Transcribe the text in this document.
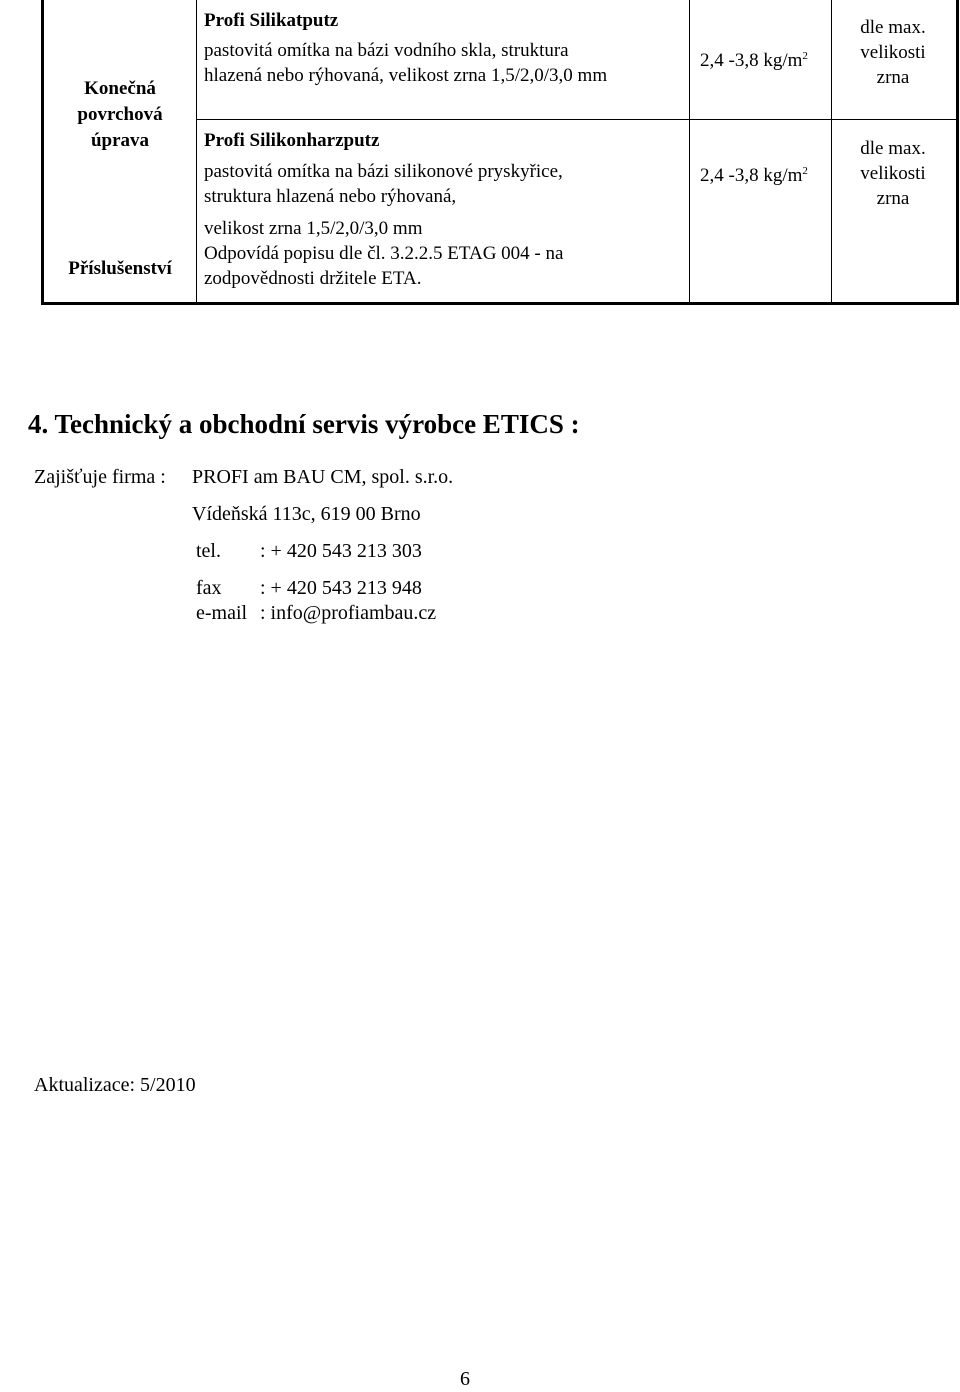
Konečná
povrchová
úprava
Příslušenství
Profi Silikatputz
pastovitá omítka na bázi vodního skla, struktura
hlazená nebo rýhovaná, velikost zrna 1,5/2,0/3,0 mm
2,4 -3,8 $kg/m^2$
dle max.
velikosti
zrna
Profi Silikonharzputz
pastovitá omítka na bázi silikonové pryskyřice,
struktura hlazená nebo rýhovaná,
velikost zrna 1,5/2,0/3,0 mm
2,4 -3,8 $kg/m^2$
dle max.
velikosti
zrna
Odpovídá popisu dle čl. 3.2.2.5 ETAG 004 - na
zodpovědnosti držitele ETA.
4. Technický a obchodní servis výrobce ETICS :
Zajišťuje firma : PROFI am BAU CM, spol. s.r.o.
Vídeňská 113c, 619 00 Brno
tel. : + 420 543 213 303
fax : + 420 543 213 948
e-mail : info@profiambau.cz
Aktualizace: 5/2010
6
